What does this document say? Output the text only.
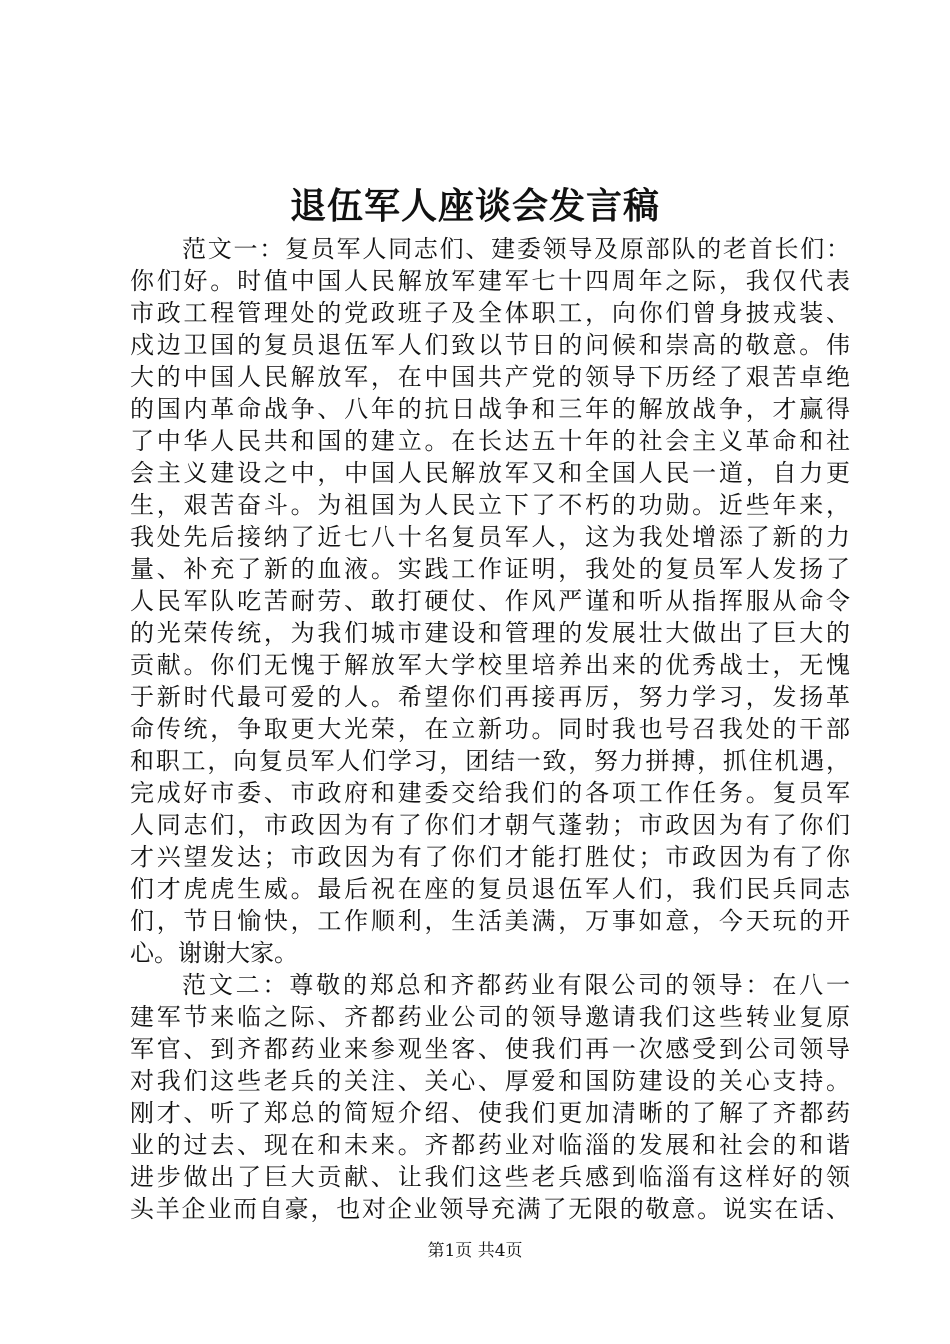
退伍军人座谈会发言稿
范文一：复员军人同志们、建委领导及原部队的老首长们：
你们好。时值中国人民解放军建军七十四周年之际，我仅代表
市政工程管理处的党政班子及全体职工，向你们曾身披戎装、
戍边卫国的复员退伍军人们致以节日的问候和崇高的敬意。伟
大的中国人民解放军，在中国共产党的领导下历经了艰苦卓绝
的国内革命战争、八年的抗日战争和三年的解放战争，才赢得
了中华人民共和国的建立。在长达五十年的社会主义革命和社
会主义建设之中，中国人民解放军又和全国人民一道，自力更
生，艰苦奋斗。为祖国为人民立下了不朽的功勋。近些年来，
我处先后接纳了近七八十名复员军人，这为我处增添了新的力
量、补充了新的血液。实践工作证明，我处的复员军人发扬了
人民军队吃苦耐劳、敢打硬仗、作风严谨和听从指挥服从命令
的光荣传统，为我们城市建设和管理的发展壮大做出了巨大的
贡献。你们无愧于解放军大学校里培养出来的优秀战士，无愧
于新时代最可爱的人。希望你们再接再厉，努力学习，发扬革
命传统，争取更大光荣，在立新功。同时我也号召我处的干部
和职工，向复员军人们学习，团结一致，努力拼搏，抓住机遇，
完成好市委、市政府和建委交给我们的各项工作任务。复员军
人同志们，市政因为有了你们才朝气蓬勃；市政因为有了你们
才兴望发达；市政因为有了你们才能打胜仗；市政因为有了你
们才虎虎生威。最后祝在座的复员退伍军人们，我们民兵同志
们，节日愉快，工作顺利，生活美满，万事如意，今天玩的开
心。谢谢大家。
范文二：尊敬的郑总和齐都药业有限公司的领导：在八一
建军节来临之际、齐都药业公司的领导邀请我们这些转业复原
军官、到齐都药业来参观坐客、使我们再一次感受到公司领导
对我们这些老兵的关注、关心、厚爱和国防建设的关心支持。
刚才、听了郑总的简短介绍、使我们更加清晰的了解了齐都药
业的过去、现在和未来。齐都药业对临淄的发展和社会的和谐
进步做出了巨大贡献、让我们这些老兵感到临淄有这样好的领
头羊企业而自豪，也对企业领导充满了无限的敬意。说实在话、
第1页 共4页
